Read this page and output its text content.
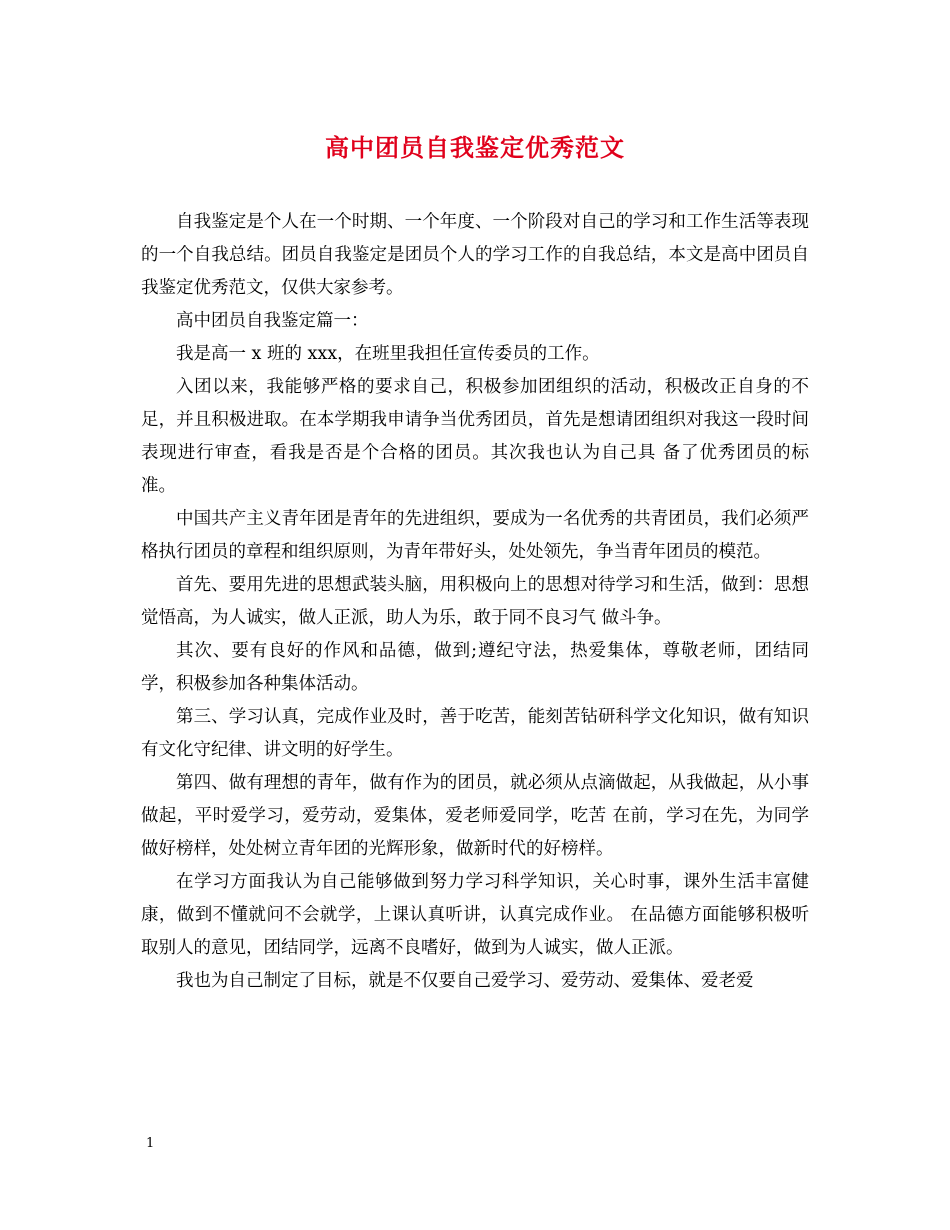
高中团员自我鉴定优秀范文

自我鉴定是个人在一个时期、一个年度、一个阶段对自己的学习和工作生活等表现的一个自我总结。团员自我鉴定是团员个人的学习工作的自我总结，本文是高中团员自我鉴定优秀范文，仅供大家参考。

高中团员自我鉴定篇一：

我是高一 x 班的 xxx，在班里我担任宣传委员的工作。

入团以来，我能够严格的要求自己，积极参加团组织的活动，积极改正自身的不足，并且积极进取。在本学期我申请争当优秀团员，首先是想请团组织对我这一段时间表现进行审查，看我是否是个合格的团员。其次我也认为自己具 备了优秀团员的标准。

中国共产主义青年团是青年的先进组织，要成为一名优秀的共青团员，我们必须严格执行团员的章程和组织原则，为青年带好头，处处领先，争当青年团员的模范。

首先、要用先进的思想武装头脑，用积极向上的思想对待学习和生活，做到：思想觉悟高，为人诚实，做人正派，助人为乐，敢于同不良习气 做斗争。

其次、要有良好的作风和品德，做到;遵纪守法，热爱集体，尊敬老师，团结同学，积极参加各种集体活动。

第三、学习认真，完成作业及时，善于吃苦，能刻苦钻研科学文化知识，做有知识有文化守纪律、讲文明的好学生。

第四、做有理想的青年，做有作为的团员，就必须从点滴做起，从我做起，从小事做起，平时爱学习，爱劳动，爱集体，爱老师爱同学，吃苦 在前，学习在先，为同学做好榜样，处处树立青年团的光辉形象，做新时代的好榜样。

在学习方面我认为自己能够做到努力学习科学知识，关心时事，课外生活丰富健康，做到不懂就问不会就学，上课认真听讲，认真完成作业。 在品德方面能够积极听取别人的意见，团结同学，远离不良嗜好，做到为人诚实，做人正派。

我也为自己制定了目标，就是不仅要自己爱学习、爱劳动、爱集体、爱老爱

1
